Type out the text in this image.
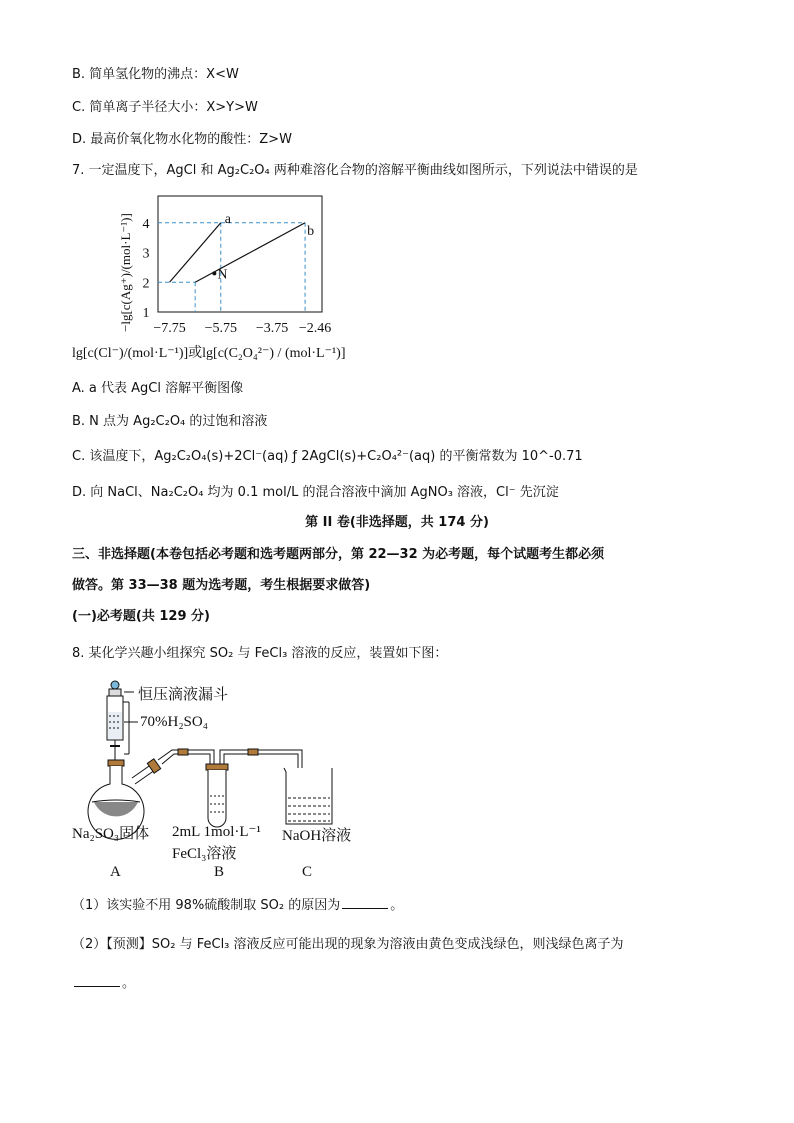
B. 简单氢化物的沸点：X<W
C. 简单离子半径大小：X>Y>W
D. 最高价氧化物水化物的酸性：Z>W
7. 一定温度下，AgCl 和 Ag₂C₂O₄ 两种难溶化合物的溶解平衡曲线如图所示，下列说法中错误的是
−lg[c(Ag⁺)/(mol·L⁻¹)] 1
2
3
4
−7.75 −5.75 −3.75 −2.46
a
b
N
lg[c(Cl⁻)/(mol·L⁻¹)]或lg[c(C₂O₄²⁻) / (mol·L⁻¹)]
A. a 代表 AgCl 溶解平衡图像
B. N 点为 Ag₂C₂O₄ 的过饱和溶液
C. 该温度下，Ag₂C₂O₄(s)+2Cl⁻(aq) ƒ 2AgCl(s)+C₂O₄²⁻(aq) 的平衡常数为 10^-0.71
D. 向 NaCl、Na₂C₂O₄ 均为 0.1 mol/L 的混合溶液中滴加 AgNO₃ 溶液，Cl⁻ 先沉淀
第 II 卷(非选择题，共 174 分)
三、非选择题(本卷包括必考题和选考题两部分，第 22—32 为必考题，每个试题考生都必须
做答。第 33—38 题为选考题，考生根据要求做答)
(一)必考题(共 129 分)
8. 某化学兴趣小组探究 SO₂ 与 FeCl₃ 溶液的反应，装置如下图：
恒压滴液漏斗
70%H₂SO₄
Na₂SO₃固体 2mL 1mol·L⁻¹
FeCl₃溶液
NaOH溶液
A	B	C
（1）该实验不用 98%硫酸制取 SO₂ 的原因为	。
（2）【预测】SO₂ 与 FeCl₃ 溶液反应可能出现的现象为溶液由黄色变成浅绿色，则浅绿色离子为
。
